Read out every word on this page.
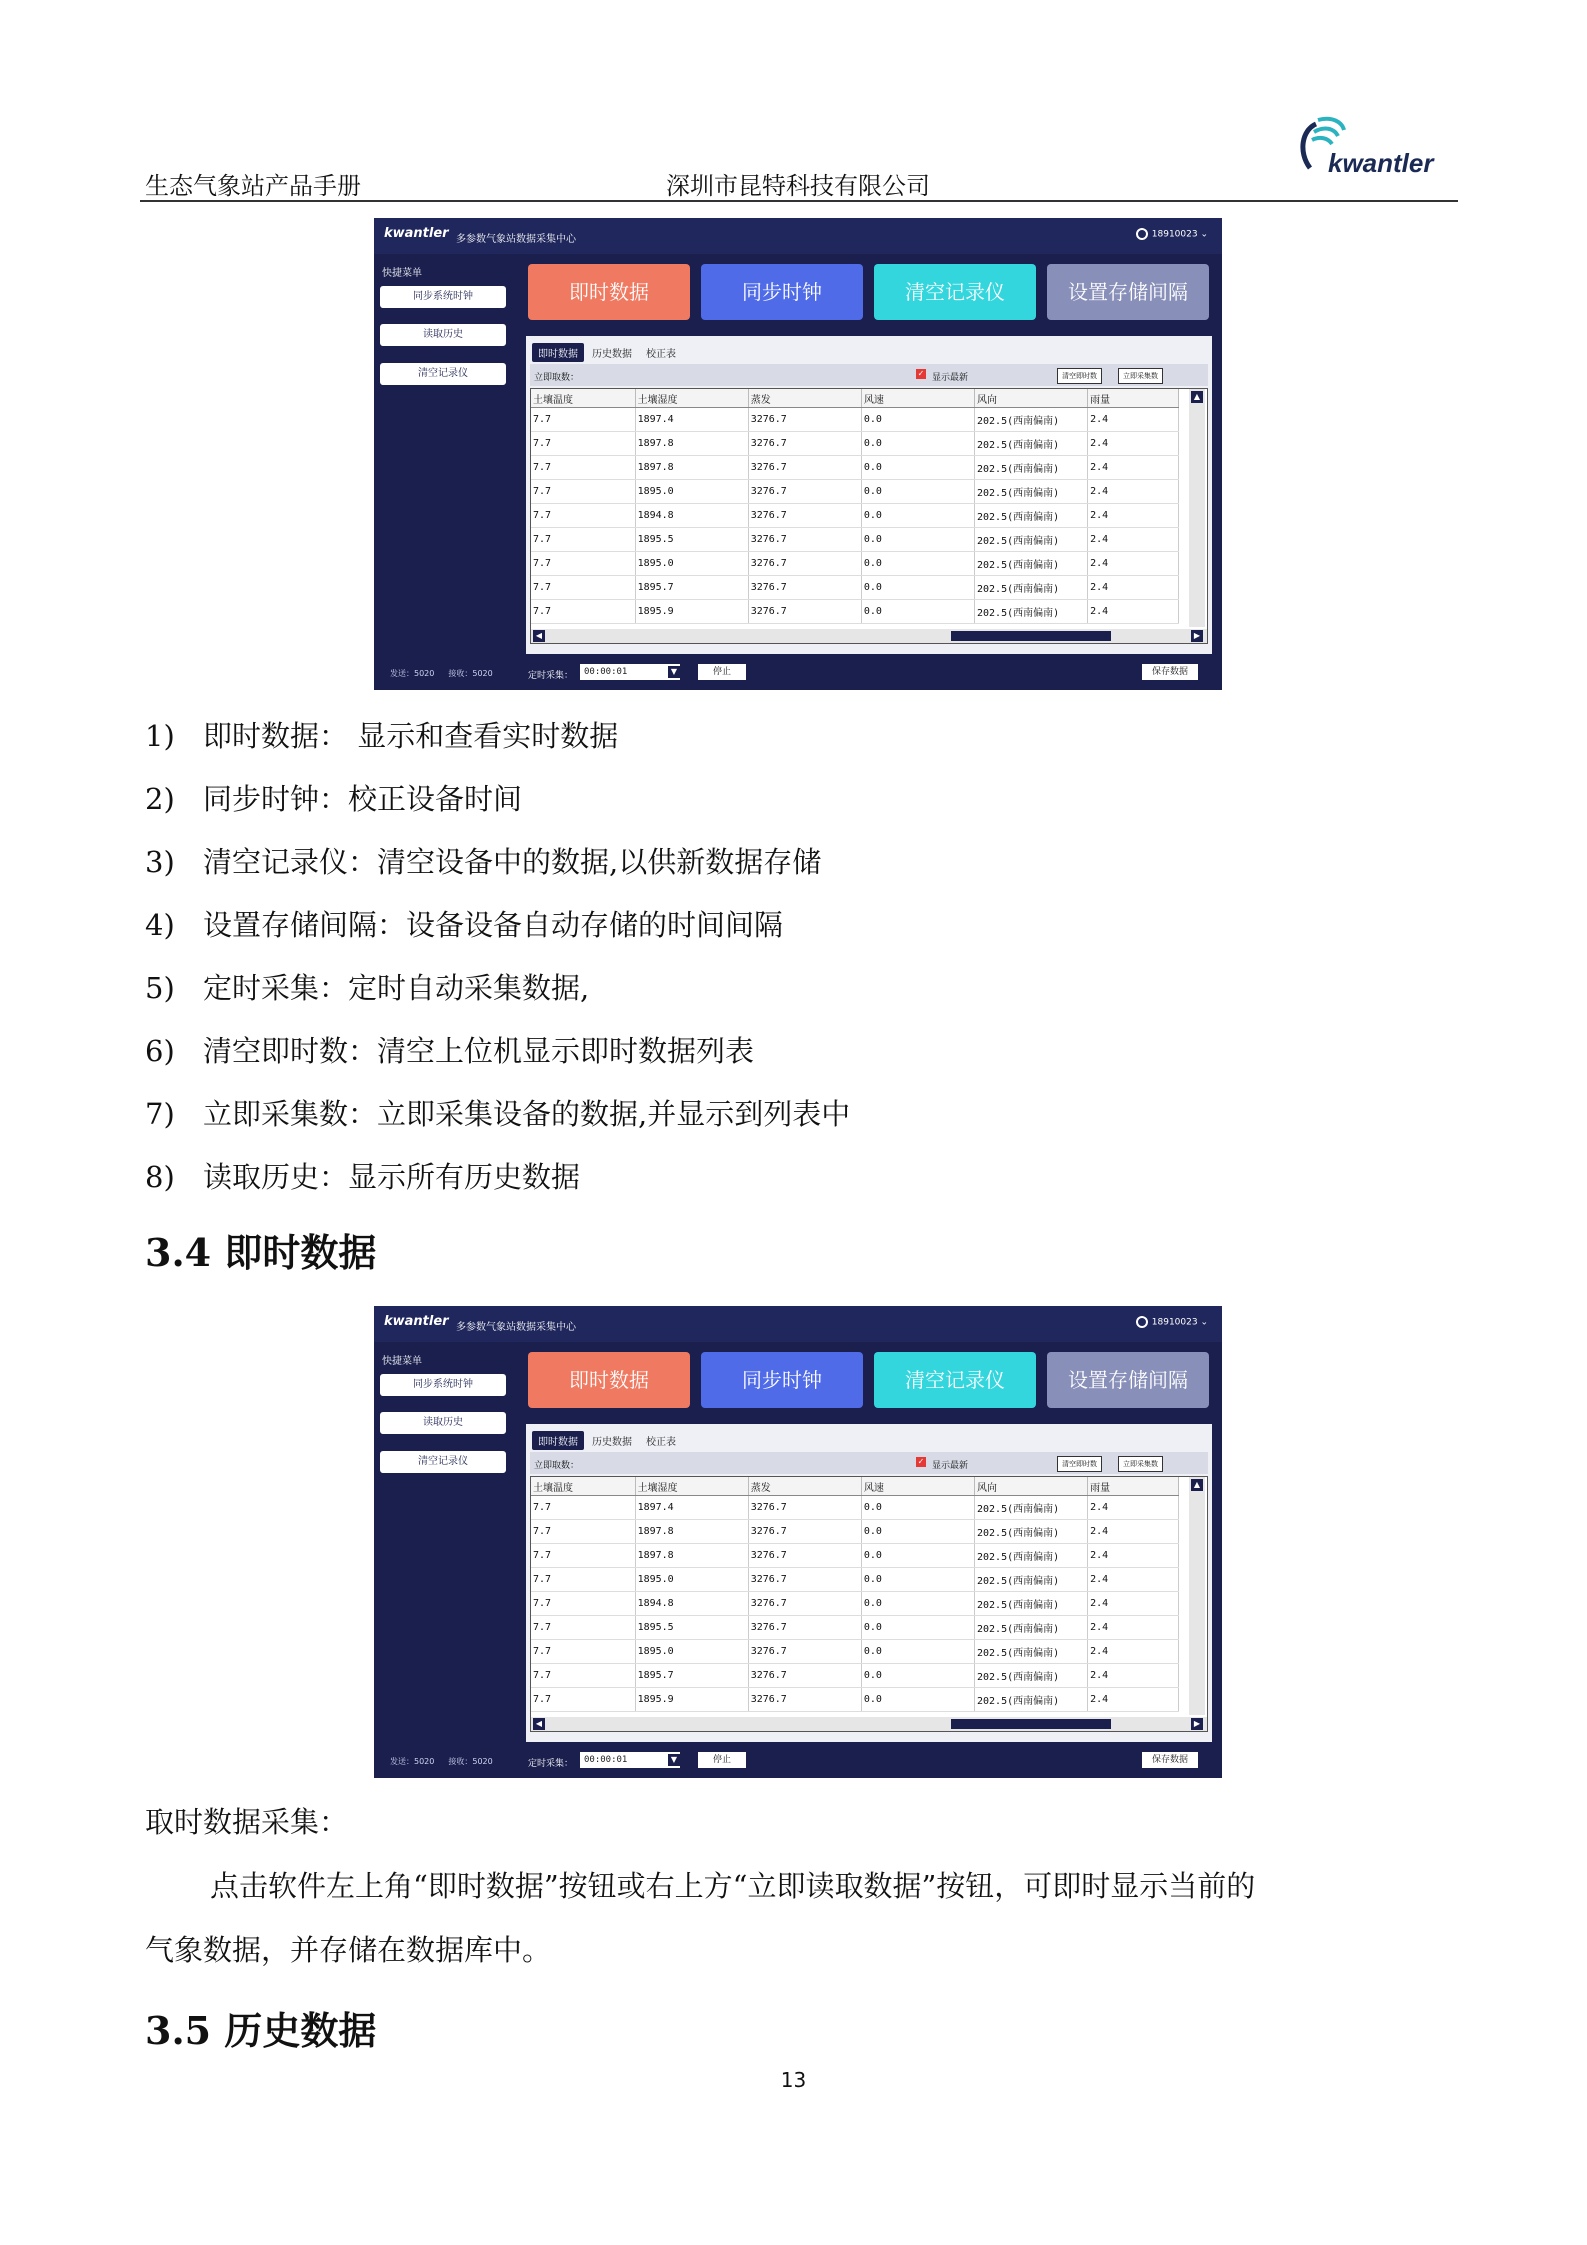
生态气象站产品手册	深圳市昆特科技有限公司
kwantler
kwantler 多参数气象站数据采集中心	18910023 ⌄
快捷菜单
同步系统时钟
读取历史
清空记录仪
发送：5020 接收：5020
即时数据	同步时钟	清空记录仪	设置存储间隔
即时数据 历史数据 校正表
立即取数：	✓ 显示最新	清空即时数	立即采集数
土壤温度	土壤湿度	蒸发	风速	风向	雨量
7.7	1897.4	3276.7	0.0	202.5(西南偏南)	2.4
7.7	1897.8	3276.7	0.0	202.5(西南偏南)	2.4
7.7	1897.8	3276.7	0.0	202.5(西南偏南)	2.4
7.7	1895.0	3276.7	0.0	202.5(西南偏南)	2.4
7.7	1894.8	3276.7	0.0	202.5(西南偏南)	2.4
7.7	1895.5	3276.7	0.0	202.5(西南偏南)	2.4
7.7	1895.0	3276.7	0.0	202.5(西南偏南)	2.4
7.7	1895.7	3276.7	0.0	202.5(西南偏南)	2.4
7.7	1895.9	3276.7	0.0	202.5(西南偏南)	2.4
▲
◀	▶
定时采集：	00:00:01	▼	停止	保存数据
1) 即时数据： 显示和查看实时数据
2) 同步时钟：校正设备时间
3) 清空记录仪：清空设备中的数据,以供新数据存储
4) 设置存储间隔：设备设备自动存储的时间间隔
5) 定时采集：定时自动采集数据,
6) 清空即时数：清空上位机显示即时数据列表
7) 立即采集数：立即采集设备的数据,并显示到列表中
8) 读取历史：显示所有历史数据
3.4 即时数据
kwantler 多参数气象站数据采集中心	18910023 ⌄
快捷菜单
同步系统时钟
读取历史
清空记录仪
发送：5020 接收：5020
即时数据	同步时钟	清空记录仪	设置存储间隔
即时数据 历史数据 校正表
立即取数：	✓ 显示最新	清空即时数	立即采集数
土壤温度	土壤湿度	蒸发	风速	风向	雨量
7.7	1897.4	3276.7	0.0	202.5(西南偏南)	2.4
7.7	1897.8	3276.7	0.0	202.5(西南偏南)	2.4
7.7	1897.8	3276.7	0.0	202.5(西南偏南)	2.4
7.7	1895.0	3276.7	0.0	202.5(西南偏南)	2.4
7.7	1894.8	3276.7	0.0	202.5(西南偏南)	2.4
7.7	1895.5	3276.7	0.0	202.5(西南偏南)	2.4
7.7	1895.0	3276.7	0.0	202.5(西南偏南)	2.4
7.7	1895.7	3276.7	0.0	202.5(西南偏南)	2.4
7.7	1895.9	3276.7	0.0	202.5(西南偏南)	2.4
▲
◀	▶
定时采集：	00:00:01	▼	停止	保存数据
取时数据采集：
点击软件左上角“即时数据”按钮或右上方“立即读取数据”按钮，可即时显示当前的
气象数据，并存储在数据库中。
3.5 历史数据
13
